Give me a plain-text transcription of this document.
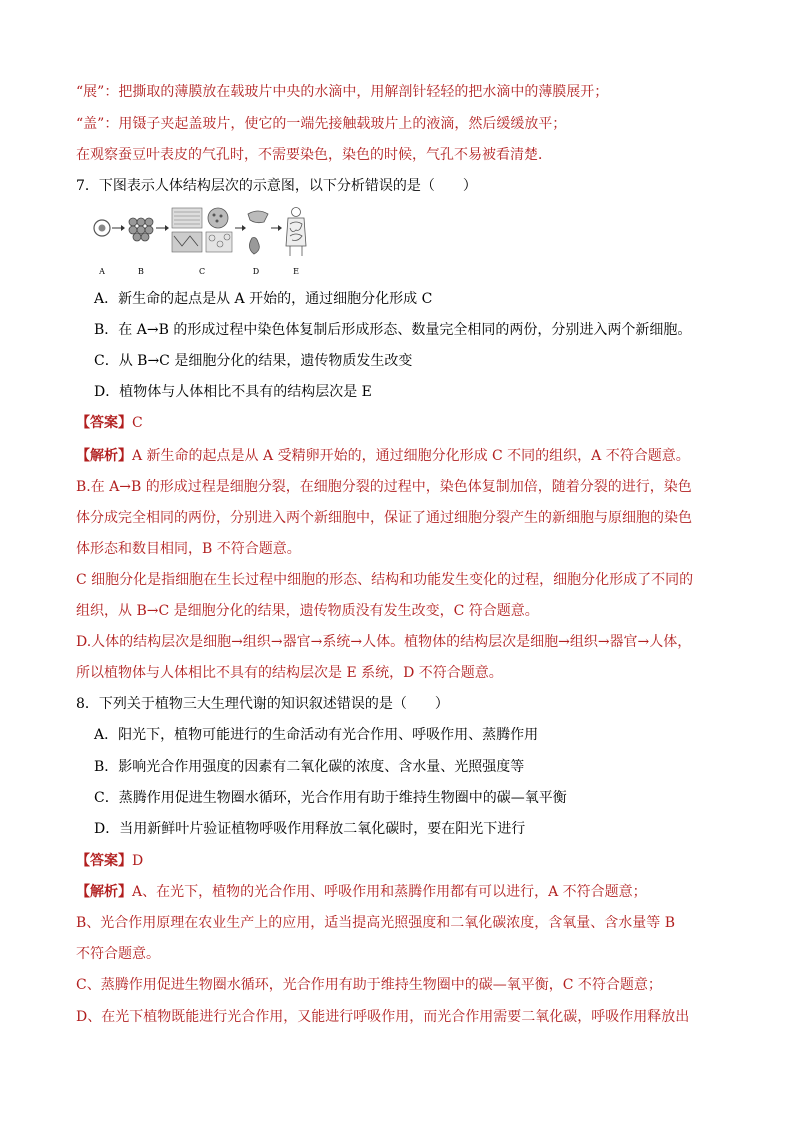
“展”：把撕取的薄膜放在载玻片中央的水滴中，用解剖针轻轻的把水滴中的薄膜展开；
“盖”：用镊子夹起盖玻片，使它的一端先接触载玻片上的液滴，然后缓缓放平；
在观察蚕豆叶表皮的气孔时，不需要染色，染色的时候，气孔不易被看清楚．
7．下图表示人体结构层次的示意图，以下分析错误的是（　　）
A	B	C	D	E
A．新生命的起点是从 A 开始的，通过细胞分化形成 C
B．在 A→B 的形成过程中染色体复制后形成形态、数量完全相同的两份，分别进入两个新细胞。
C．从 B→C 是细胞分化的结果，遗传物质发生改变
D．植物体与人体相比不具有的结构层次是 E
【答案】C
【解析】A 新生命的起点是从 A 受精卵开始的，通过细胞分化形成 C 不同的组织，A 不符合题意。
B.在 A→B 的形成过程是细胞分裂，在细胞分裂的过程中，染色体复制加倍，随着分裂的进行，染色
体分成完全相同的两份，分别进入两个新细胞中，保证了通过细胞分裂产生的新细胞与原细胞的染色
体形态和数目相同，B 不符合题意。
C 细胞分化是指细胞在生长过程中细胞的形态、结构和功能发生变化的过程，细胞分化形成了不同的
组织，从 B→C 是细胞分化的结果，遗传物质没有发生改变，C 符合题意。
D.人体的结构层次是细胞→组织→器官→系统→人体。植物体的结构层次是细胞→组织→器官→人体，
所以植物体与人体相比不具有的结构层次是 E 系统，D 不符合题意。
8．下列关于植物三大生理代谢的知识叙述错误的是（　　）
A．阳光下，植物可能进行的生命活动有光合作用、呼吸作用、蒸腾作用
B．影响光合作用强度的因素有二氧化碳的浓度、含水量、光照强度等
C．蒸腾作用促进生物圈水循环，光合作用有助于维持生物圈中的碳—氧平衡
D．当用新鲜叶片验证植物呼吸作用释放二氧化碳时，要在阳光下进行
【答案】D
【解析】A、在光下，植物的光合作用、呼吸作用和蒸腾作用都有可以进行，A 不符合题意；
B、光合作用原理在农业生产上的应用，适当提高光照强度和二氧化碳浓度，含氧量、含水量等 B
不符合题意。
C、蒸腾作用促进生物圈水循环，光合作用有助于维持生物圈中的碳—氧平衡，C 不符合题意；
D、在光下植物既能进行光合作用，又能进行呼吸作用，而光合作用需要二氧化碳，呼吸作用释放出
